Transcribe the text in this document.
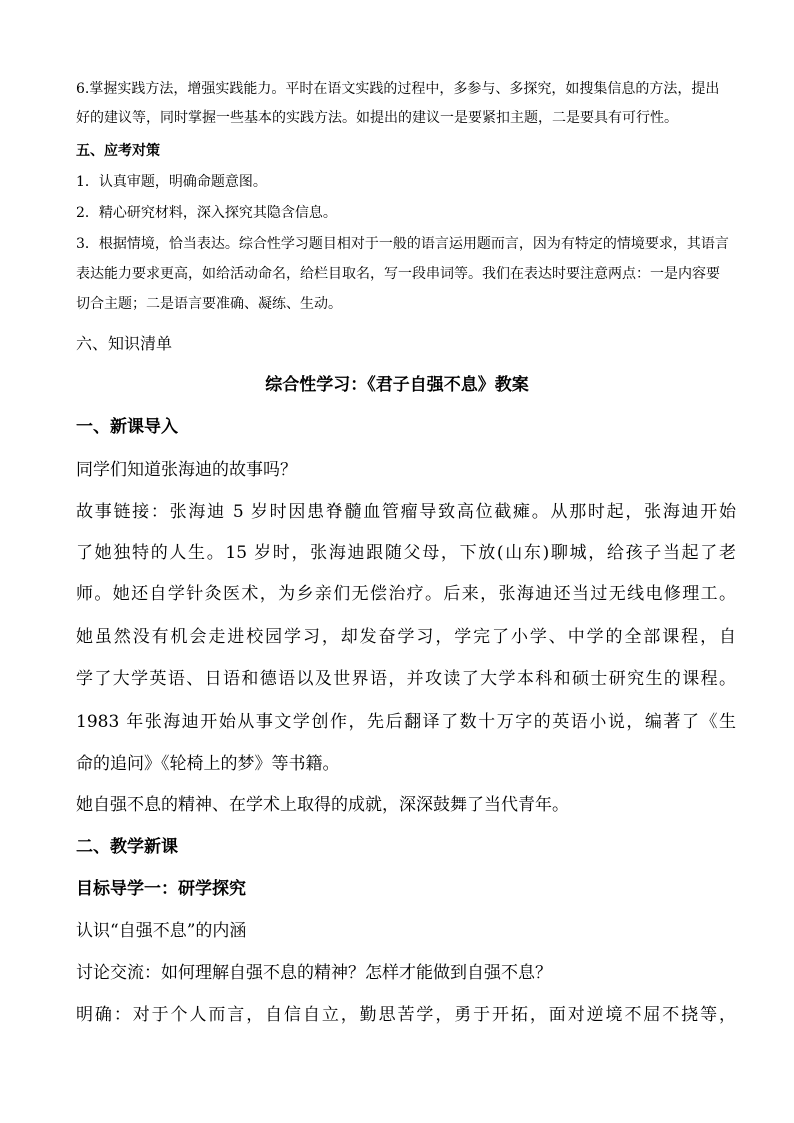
6.掌握实践方法，增强实践能力。平时在语文实践的过程中，多参与、多探究，如搜集信息的方法，提出
好的建议等，同时掌握一些基本的实践方法。如提出的建议一是要紧扣主题，二是要具有可行性。
五、应考对策
1．认真审题，明确命题意图。
2．精心研究材料，深入探究其隐含信息。
3．根据情境，恰当表达。综合性学习题目相对于一般的语言运用题而言，因为有特定的情境要求，其语言
表达能力要求更高，如给活动命名，给栏目取名，写一段串词等。我们在表达时要注意两点：一是内容要
切合主题；二是语言要准确、凝练、生动。
六、知识清单
综合性学习：《君子自强不息》教案
一、新课导入
同学们知道张海迪的故事吗？
故事链接：张海迪 5 岁时因患脊髓血管瘤导致高位截瘫。从那时起，张海迪开始
了她独特的人生。15 岁时，张海迪跟随父母，下放(山东)聊城，给孩子当起了老
师。她还自学针灸医术，为乡亲们无偿治疗。后来，张海迪还当过无线电修理工。
她虽然没有机会走进校园学习，却发奋学习，学完了小学、中学的全部课程，自
学了大学英语、日语和德语以及世界语，并攻读了大学本科和硕士研究生的课程。
1983 年张海迪开始从事文学创作，先后翻译了数十万字的英语小说，编著了《生
命的追问》《轮椅上的梦》等书籍。
她自强不息的精神、在学术上取得的成就，深深鼓舞了当代青年。
二、教学新课
目标导学一：研学探究
认识“自强不息”的内涵
讨论交流：如何理解自强不息的精神？怎样才能做到自强不息？
明确：对于个人而言，自信自立，勤思苦学，勇于开拓，面对逆境不屈不挠等，
